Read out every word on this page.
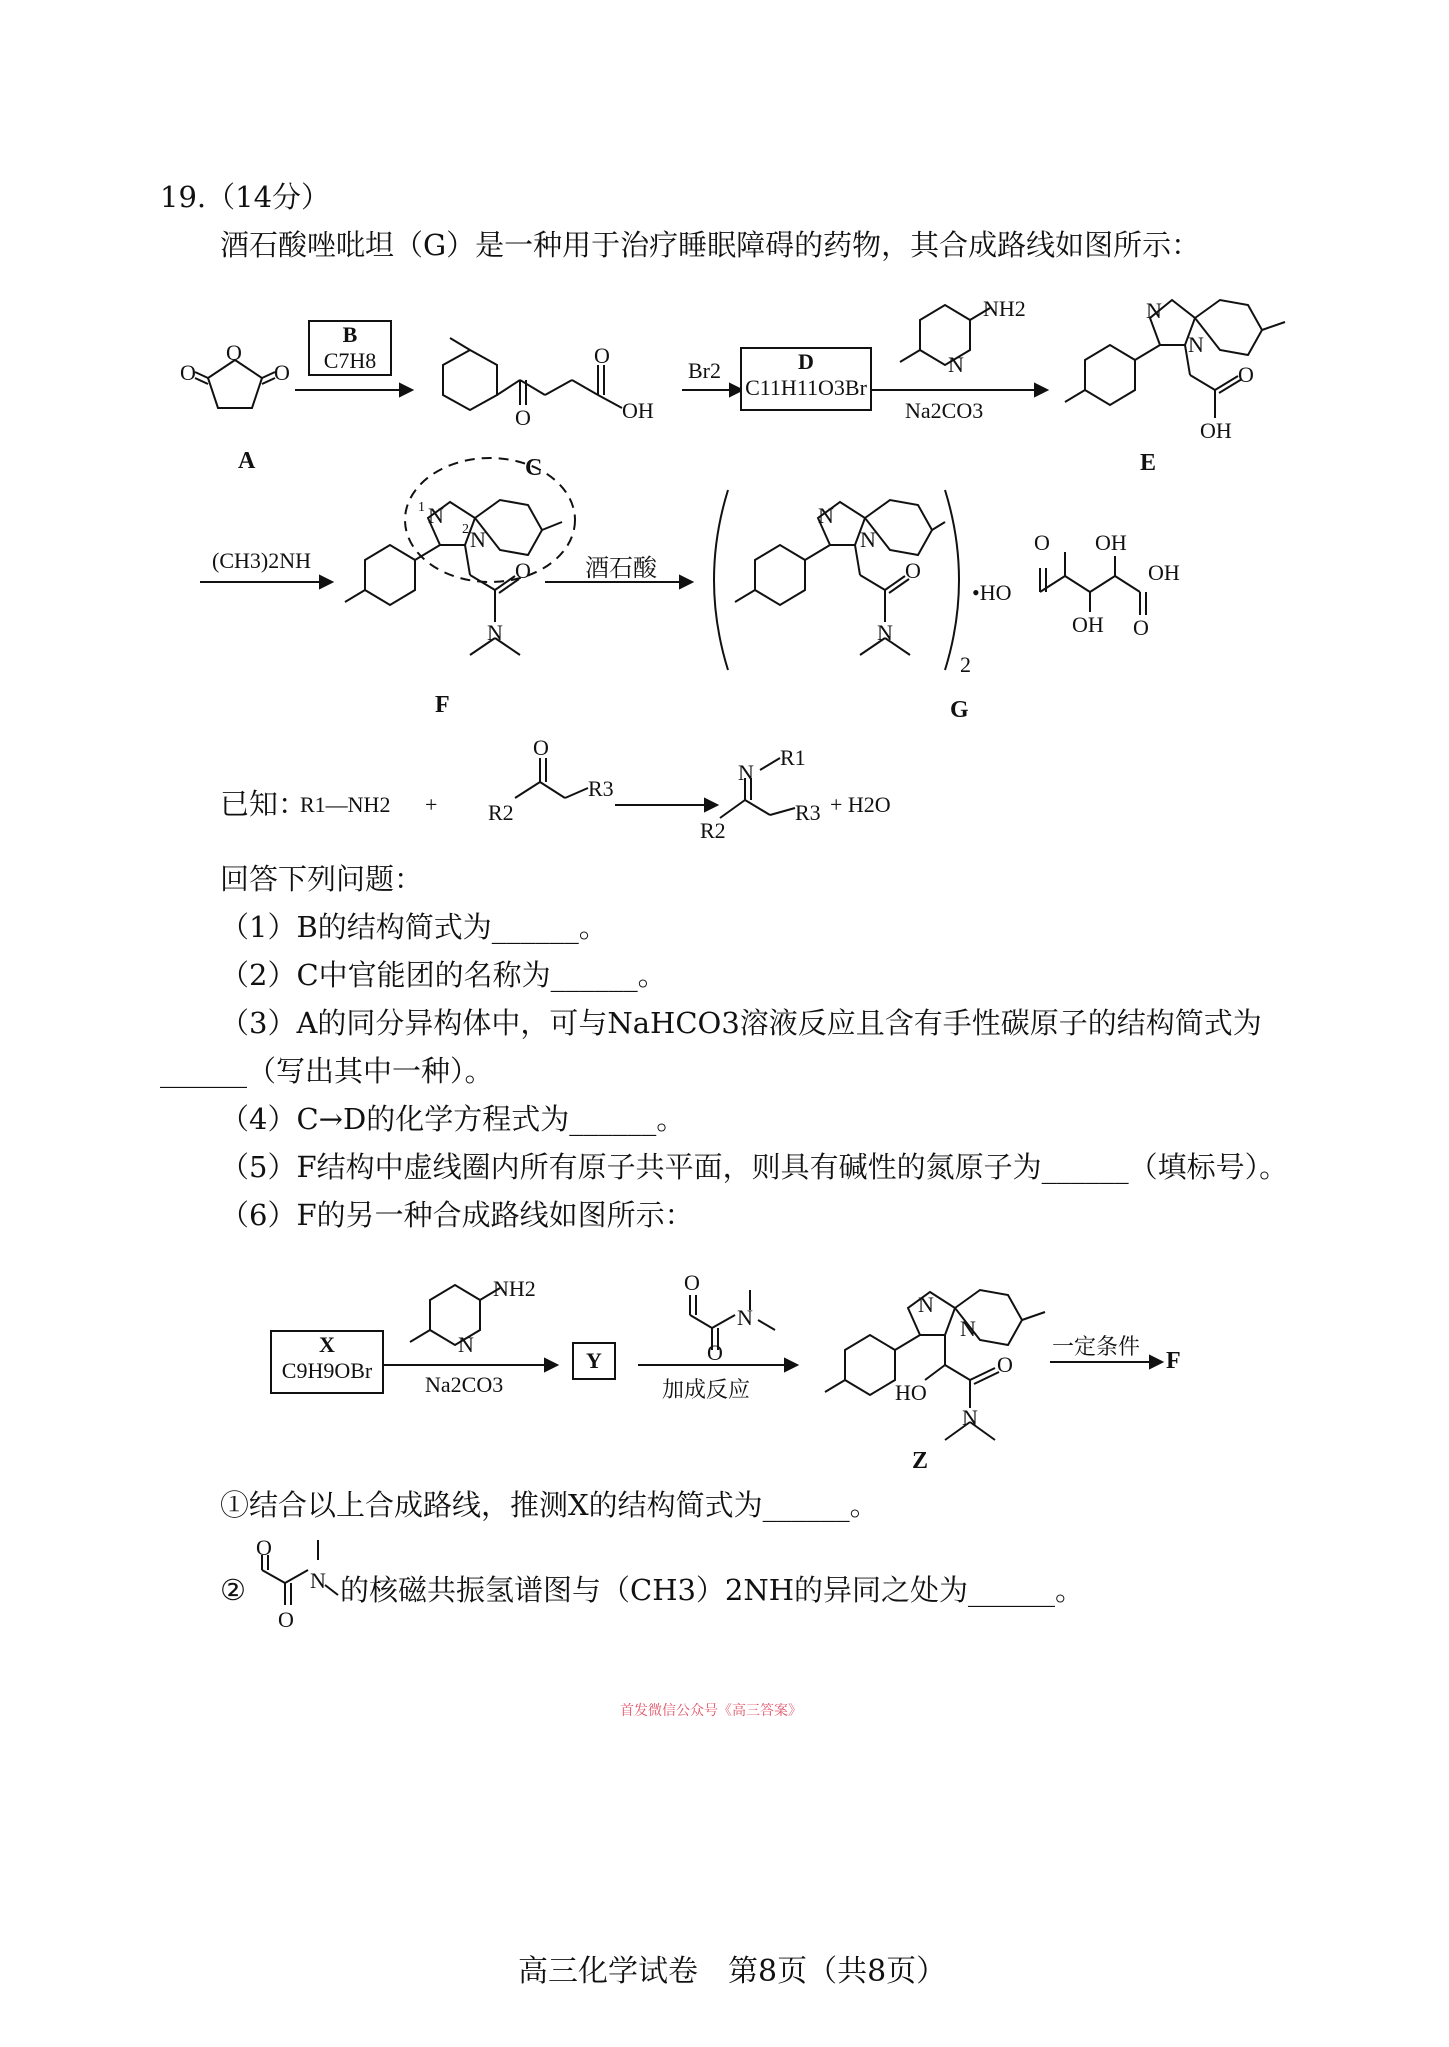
19.（14分）
酒石酸唑吡坦（G）是一种用于治疗睡眠障碍的药物，其合成路线如图所示：
O
O
O
A
B
C7H8
O
O
OH
C
Br2	D
C11H11O3Br
Na2CO3
NH2
N
N
N
O
OH
E
(CH3)2NH
1 N
2 N
O
N
F
酒石酸
N
N
O
N
2
G
•HO
O OH
OH
OH O
已知：
R1—NH2 +
O
R2
R3
N
R1
R2
R3 + H2O
回答下列问题：
（1）B的结构简式为______。
（2）C中官能团的名称为______。
（3）A的同分异构体中，可与NaHCO3溶液反应且含有手性碳原子的结构简式为
______（写出其中一种）。
（4）C→D的化学方程式为______。
（5）F结构中虚线圈内所有原子共平面，则具有碱性的氮原子为______（填标号）。
（6）F的另一种合成路线如图所示：
X
C9H9OBr
NH2
N
Na2CO3
Y
O
N
O
加成反应
N
N
HO
O
N
Z
一定条件
F
①结合以上合成路线，推测X的结构简式为______。
②
O
N
O
的核磁共振氢谱图与（CH3）2NH的异同之处为______。
首发微信公众号《高三答案》
高三化学试卷　第8页（共8页）
